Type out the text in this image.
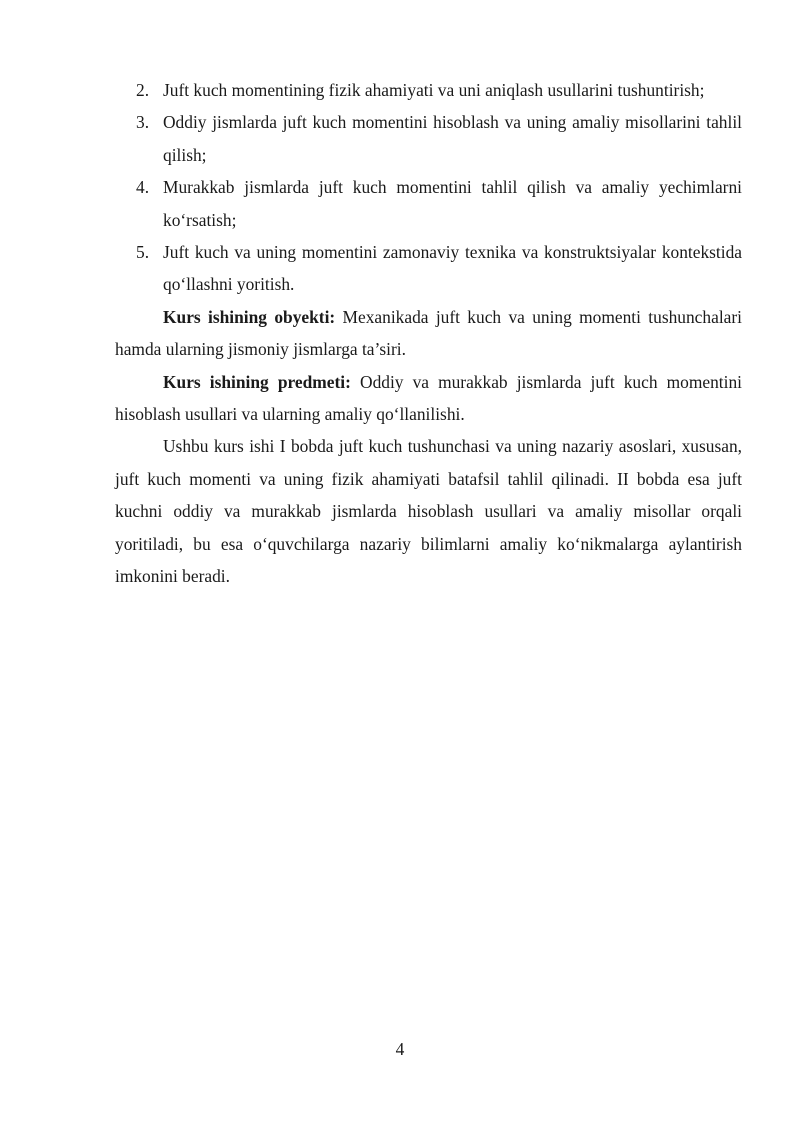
2. Juft kuch momentining fizik ahamiyati va uni aniqlash usullarini tushuntirish;
3. Oddiy jismlarda juft kuch momentini hisoblash va uning amaliy misollarini tahlil qilish;
4. Murakkab jismlarda juft kuch momentini tahlil qilish va amaliy yechimlarni ko‘rsatish;
5. Juft kuch va uning momentini zamonaviy texnika va konstruktsiyalar kontekstida qo‘llashni yoritish.

Kurs ishining obyekti: Mexanikada juft kuch va uning momenti tushunchalari hamda ularning jismoniy jismlarga ta’siri.

Kurs ishining predmeti: Oddiy va murakkab jismlarda juft kuch momentini hisoblash usullari va ularning amaliy qo‘llanilishi.

Ushbu kurs ishi I bobda juft kuch tushunchasi va uning nazariy asoslari, xususan, juft kuch momenti va uning fizik ahamiyati batafsil tahlil qilinadi. II bobda esa juft kuchni oddiy va murakkab jismlarda hisoblash usullari va amaliy misollar orqali yoritiladi, bu esa o‘quvchilarga nazariy bilimlarni amaliy ko‘nikmalarga aylantirish imkonini beradi.

4
